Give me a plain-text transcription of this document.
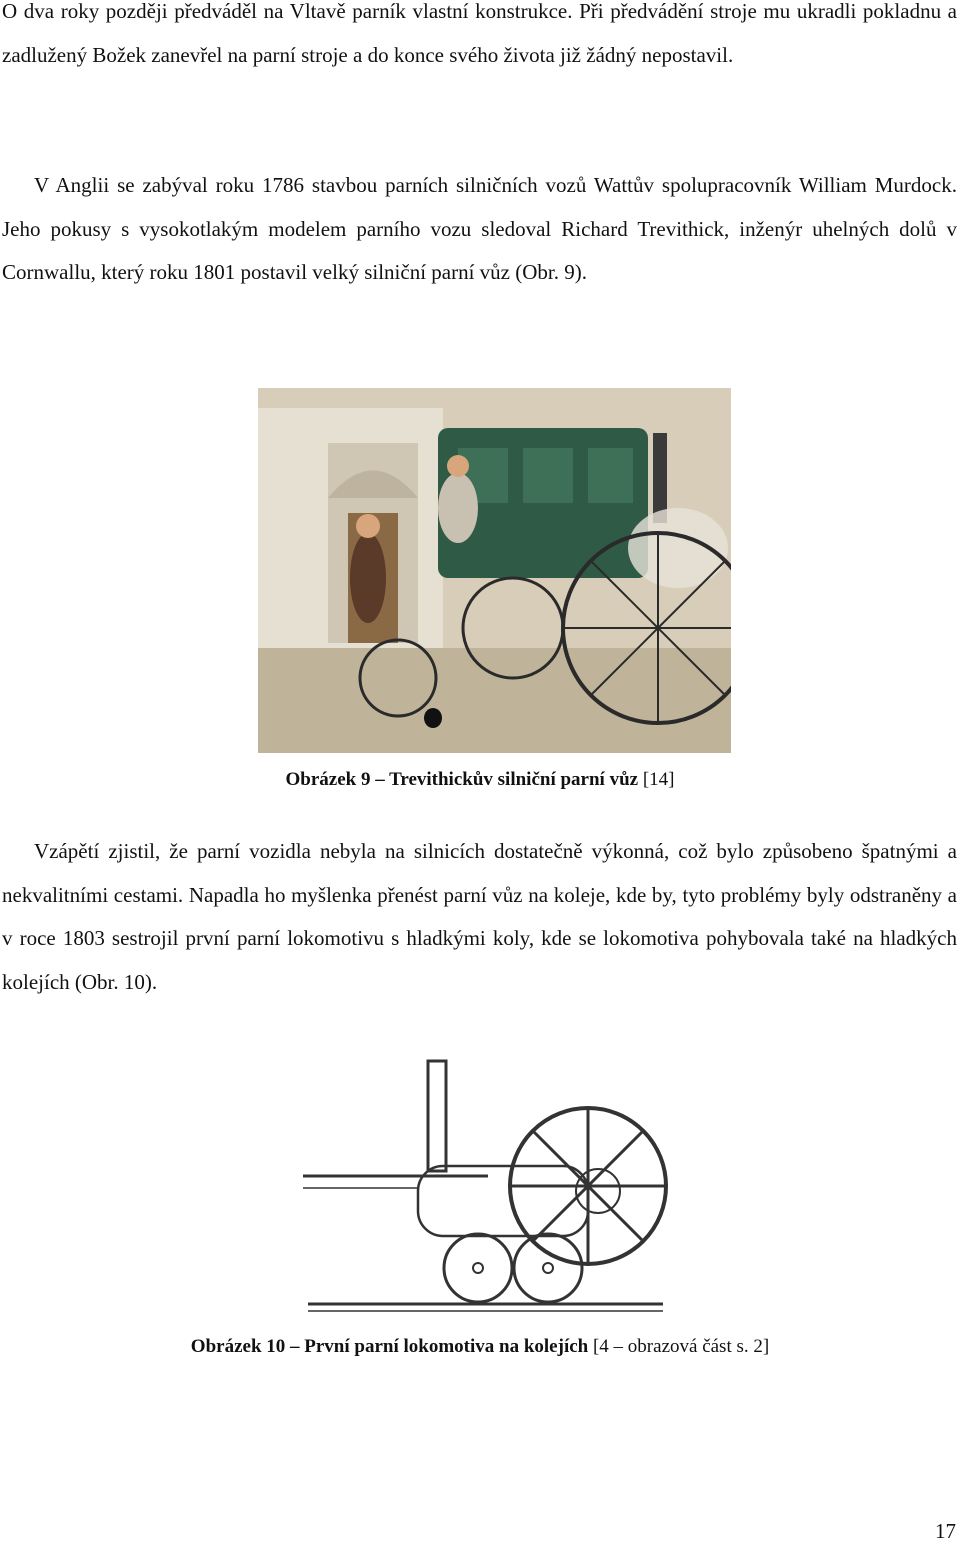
O dva roky později předváděl na Vltavě parník vlastní konstrukce. Při předvádění stroje mu ukradli pokladnu a zadlužený Božek zanevřel na parní stroje a do konce svého života již žádný nepostavil.

V Anglii se zabýval roku 1786 stavbou parních silničních vozů Wattův spolupracovník William Murdock. Jeho pokusy s vysokotlakým modelem parního vozu sledoval Richard Trevithick, inženýr uhelných dolů v Cornwallu, který roku 1801 postavil velký silniční parní vůz (Obr. 9).

Obrázek 9 – Trevithickův silniční parní vůz [14]

Vzápětí zjistil, že parní vozidla nebyla na silnicích dostatečně výkonná, což bylo způsobeno špatnými a nekvalitními cestami. Napadla ho myšlenka přenést parní vůz na koleje, kde by, tyto problémy byly odstraněny a v roce 1803 sestrojil první parní lokomotivu s hladkými koly, kde se lokomotiva pohybovala také na hladkých kolejích (Obr. 10).

Obrázek 10 – První parní lokomotiva na kolejích [4 – obrazová část s. 2]

17
